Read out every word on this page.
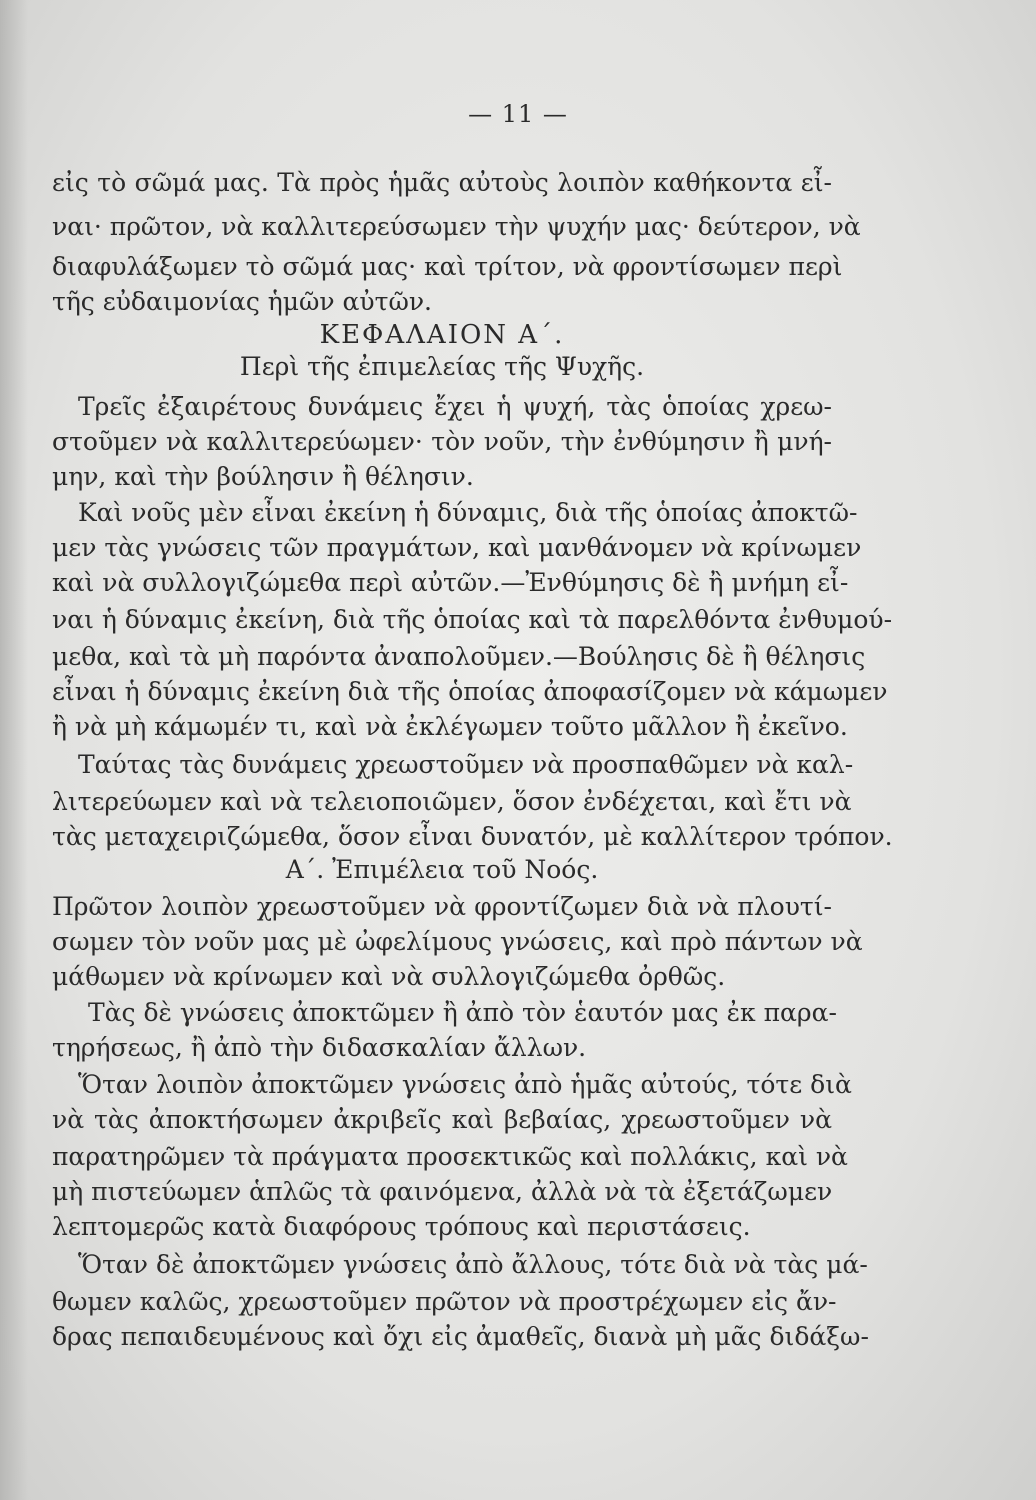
— 11 —
εἰς τὸ σῶμά μας. Τὰ πρὸς ἡμᾶς αὐτοὺς λοιπὸν καθήκοντα εἶ-
ναι· πρῶτον, νὰ καλλιτερεύσωμεν τὴν ψυχήν μας· δεύτερον, νὰ
διαφυλάξωμεν τὸ σῶμά μας· καὶ τρίτον, νὰ φροντίσωμεν περὶ
τῆς εὐδαιμονίας ἡμῶν αὐτῶν.
ΚΕΦΑΛΑΙΟΝ Α΄.
Περὶ τῆς ἐπιμελείας τῆς Ψυχῆς.
Τρεῖς ἐξαιρέτους δυνάμεις ἔχει ἡ ψυχή, τὰς ὁποίας χρεω-
στοῦμεν νὰ καλλιτερεύωμεν· τὸν νοῦν, τὴν ἐνθύμησιν ἢ μνή-
μην, καὶ τὴν βούλησιν ἢ θέλησιν.
Καὶ νοῦς μὲν εἶναι ἐκείνη ἡ δύναμις, διὰ τῆς ὁποίας ἀποκτῶ-
μεν τὰς γνώσεις τῶν πραγμάτων, καὶ μανθάνομεν νὰ κρίνωμεν
καὶ νὰ συλλογιζώμεθα περὶ αὐτῶν.—Ἐνθύμησις δὲ ἢ μνήμη εἶ-
ναι ἡ δύναμις ἐκείνη, διὰ τῆς ὁποίας καὶ τὰ παρελθόντα ἐνθυμού-
μεθα, καὶ τὰ μὴ παρόντα ἀναπολοῦμεν.—Βούλησις δὲ ἢ θέλησις
εἶναι ἡ δύναμις ἐκείνη διὰ τῆς ὁποίας ἀποφασίζομεν νὰ κάμωμεν
ἢ νὰ μὴ κάμωμέν τι, καὶ νὰ ἐκλέγωμεν τοῦτο μᾶλλον ἢ ἐκεῖνο.
Ταύτας τὰς δυνάμεις χρεωστοῦμεν νὰ προσπαθῶμεν νὰ καλ-
λιτερεύωμεν καὶ νὰ τελειοποιῶμεν, ὅσον ἐνδέχεται, καὶ ἔτι νὰ
τὰς μεταχειριζώμεθα, ὅσον εἶναι δυνατόν, μὲ καλλίτερον τρόπον.
Α΄. Ἐπιμέλεια τοῦ Νοός.
Πρῶτον λοιπὸν χρεωστοῦμεν νὰ φροντίζωμεν διὰ νὰ πλουτί-
σωμεν τὸν νοῦν μας μὲ ὠφελίμους γνώσεις, καὶ πρὸ πάντων νὰ
μάθωμεν νὰ κρίνωμεν καὶ νὰ συλλογιζώμεθα ὀρθῶς.
Τὰς δὲ γνώσεις ἀποκτῶμεν ἢ ἀπὸ τὸν ἑαυτόν μας ἐκ παρα-
τηρήσεως, ἢ ἀπὸ τὴν διδασκαλίαν ἄλλων.
Ὅταν λοιπὸν ἀποκτῶμεν γνώσεις ἀπὸ ἡμᾶς αὐτούς, τότε διὰ
νὰ τὰς ἀποκτήσωμεν ἀκριβεῖς καὶ βεβαίας, χρεωστοῦμεν νὰ
παρατηρῶμεν τὰ πράγματα προσεκτικῶς καὶ πολλάκις, καὶ νὰ
μὴ πιστεύωμεν ἁπλῶς τὰ φαινόμενα, ἀλλὰ νὰ τὰ ἐξετάζωμεν
λεπτομερῶς κατὰ διαφόρους τρόπους καὶ περιστάσεις.
Ὅταν δὲ ἀποκτῶμεν γνώσεις ἀπὸ ἄλλους, τότε διὰ νὰ τὰς μά-
θωμεν καλῶς, χρεωστοῦμεν πρῶτον νὰ προστρέχωμεν εἰς ἄν-
δρας πεπαιδευμένους καὶ ὄχι εἰς ἀμαθεῖς, διανὰ μὴ μᾶς διδάξω-
